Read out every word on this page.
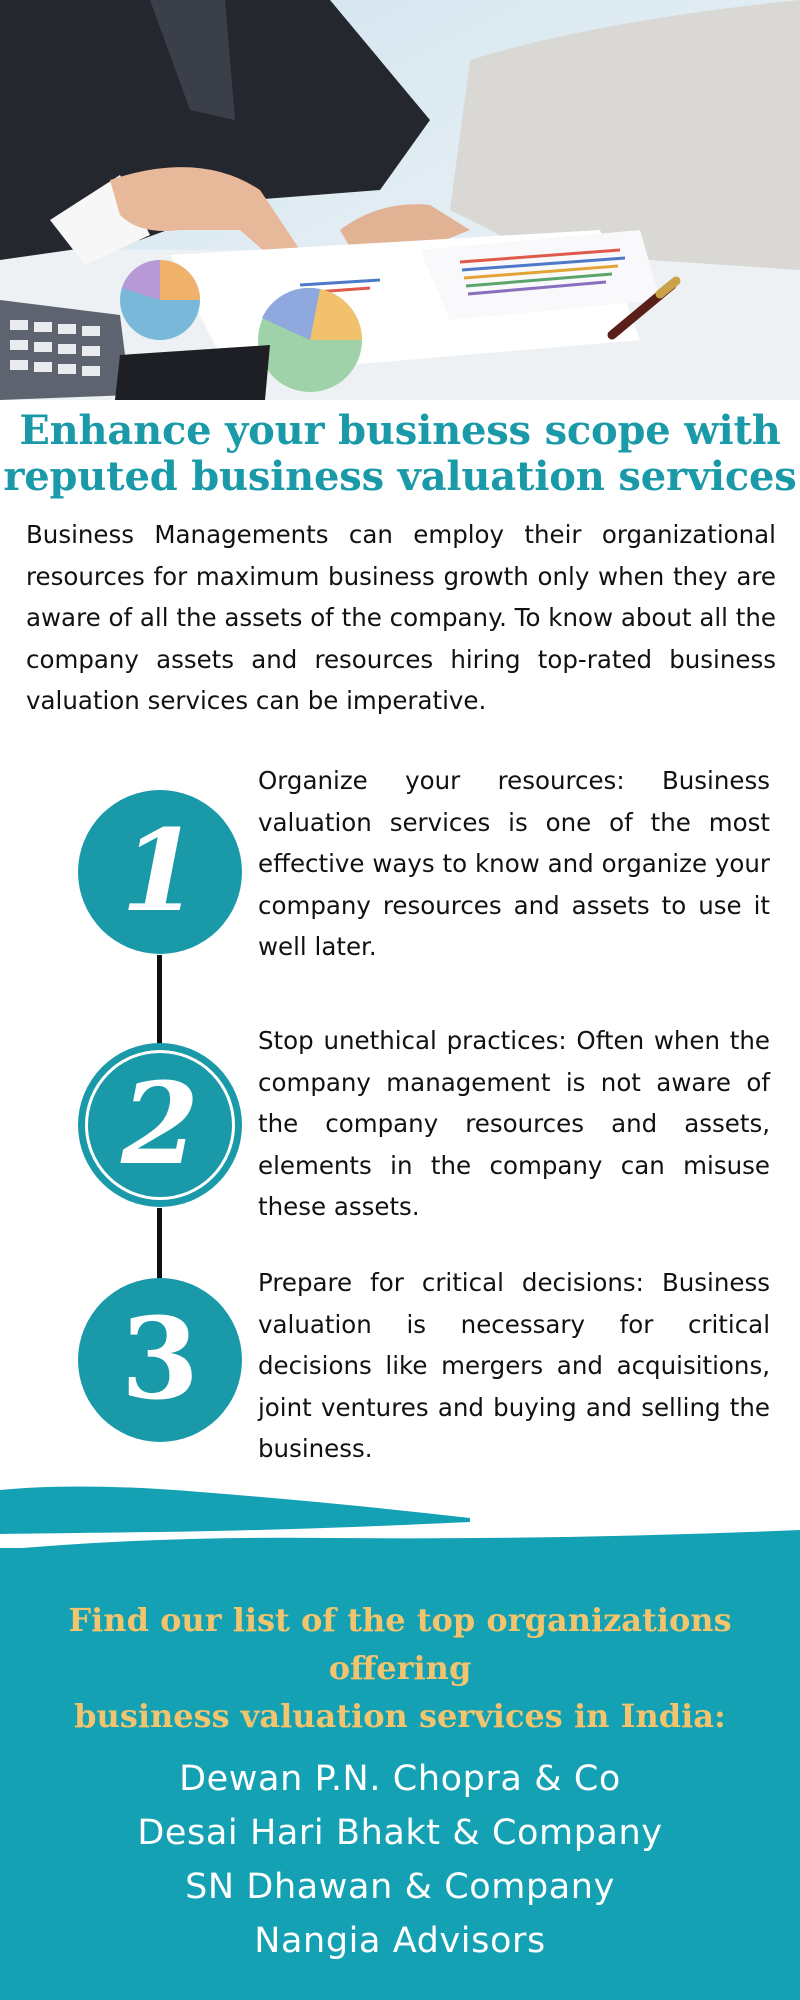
Enhance your business scope with
reputed business valuation services

Business Managements can employ their organizational resources for maximum business growth only when they are aware of all the assets of the company. To know about all the company assets and resources hiring top-rated business valuation services can be imperative.

1

Organize your resources: Business valuation services is one of the most effective ways to know and organize your company resources and assets to use it well later.

2

Stop unethical practices: Often when the company management is not aware of the company resources and assets, elements in the company can misuse these assets.

3

Prepare for critical decisions: Business valuation is necessary for critical decisions like mergers and acquisitions, joint ventures and buying and selling the business.

Find our list of the top organizations offering
business valuation services in India:
Dewan P.N. Chopra & Co
Desai Hari Bhakt & Company
SN Dhawan & Company
Nangia Advisors
